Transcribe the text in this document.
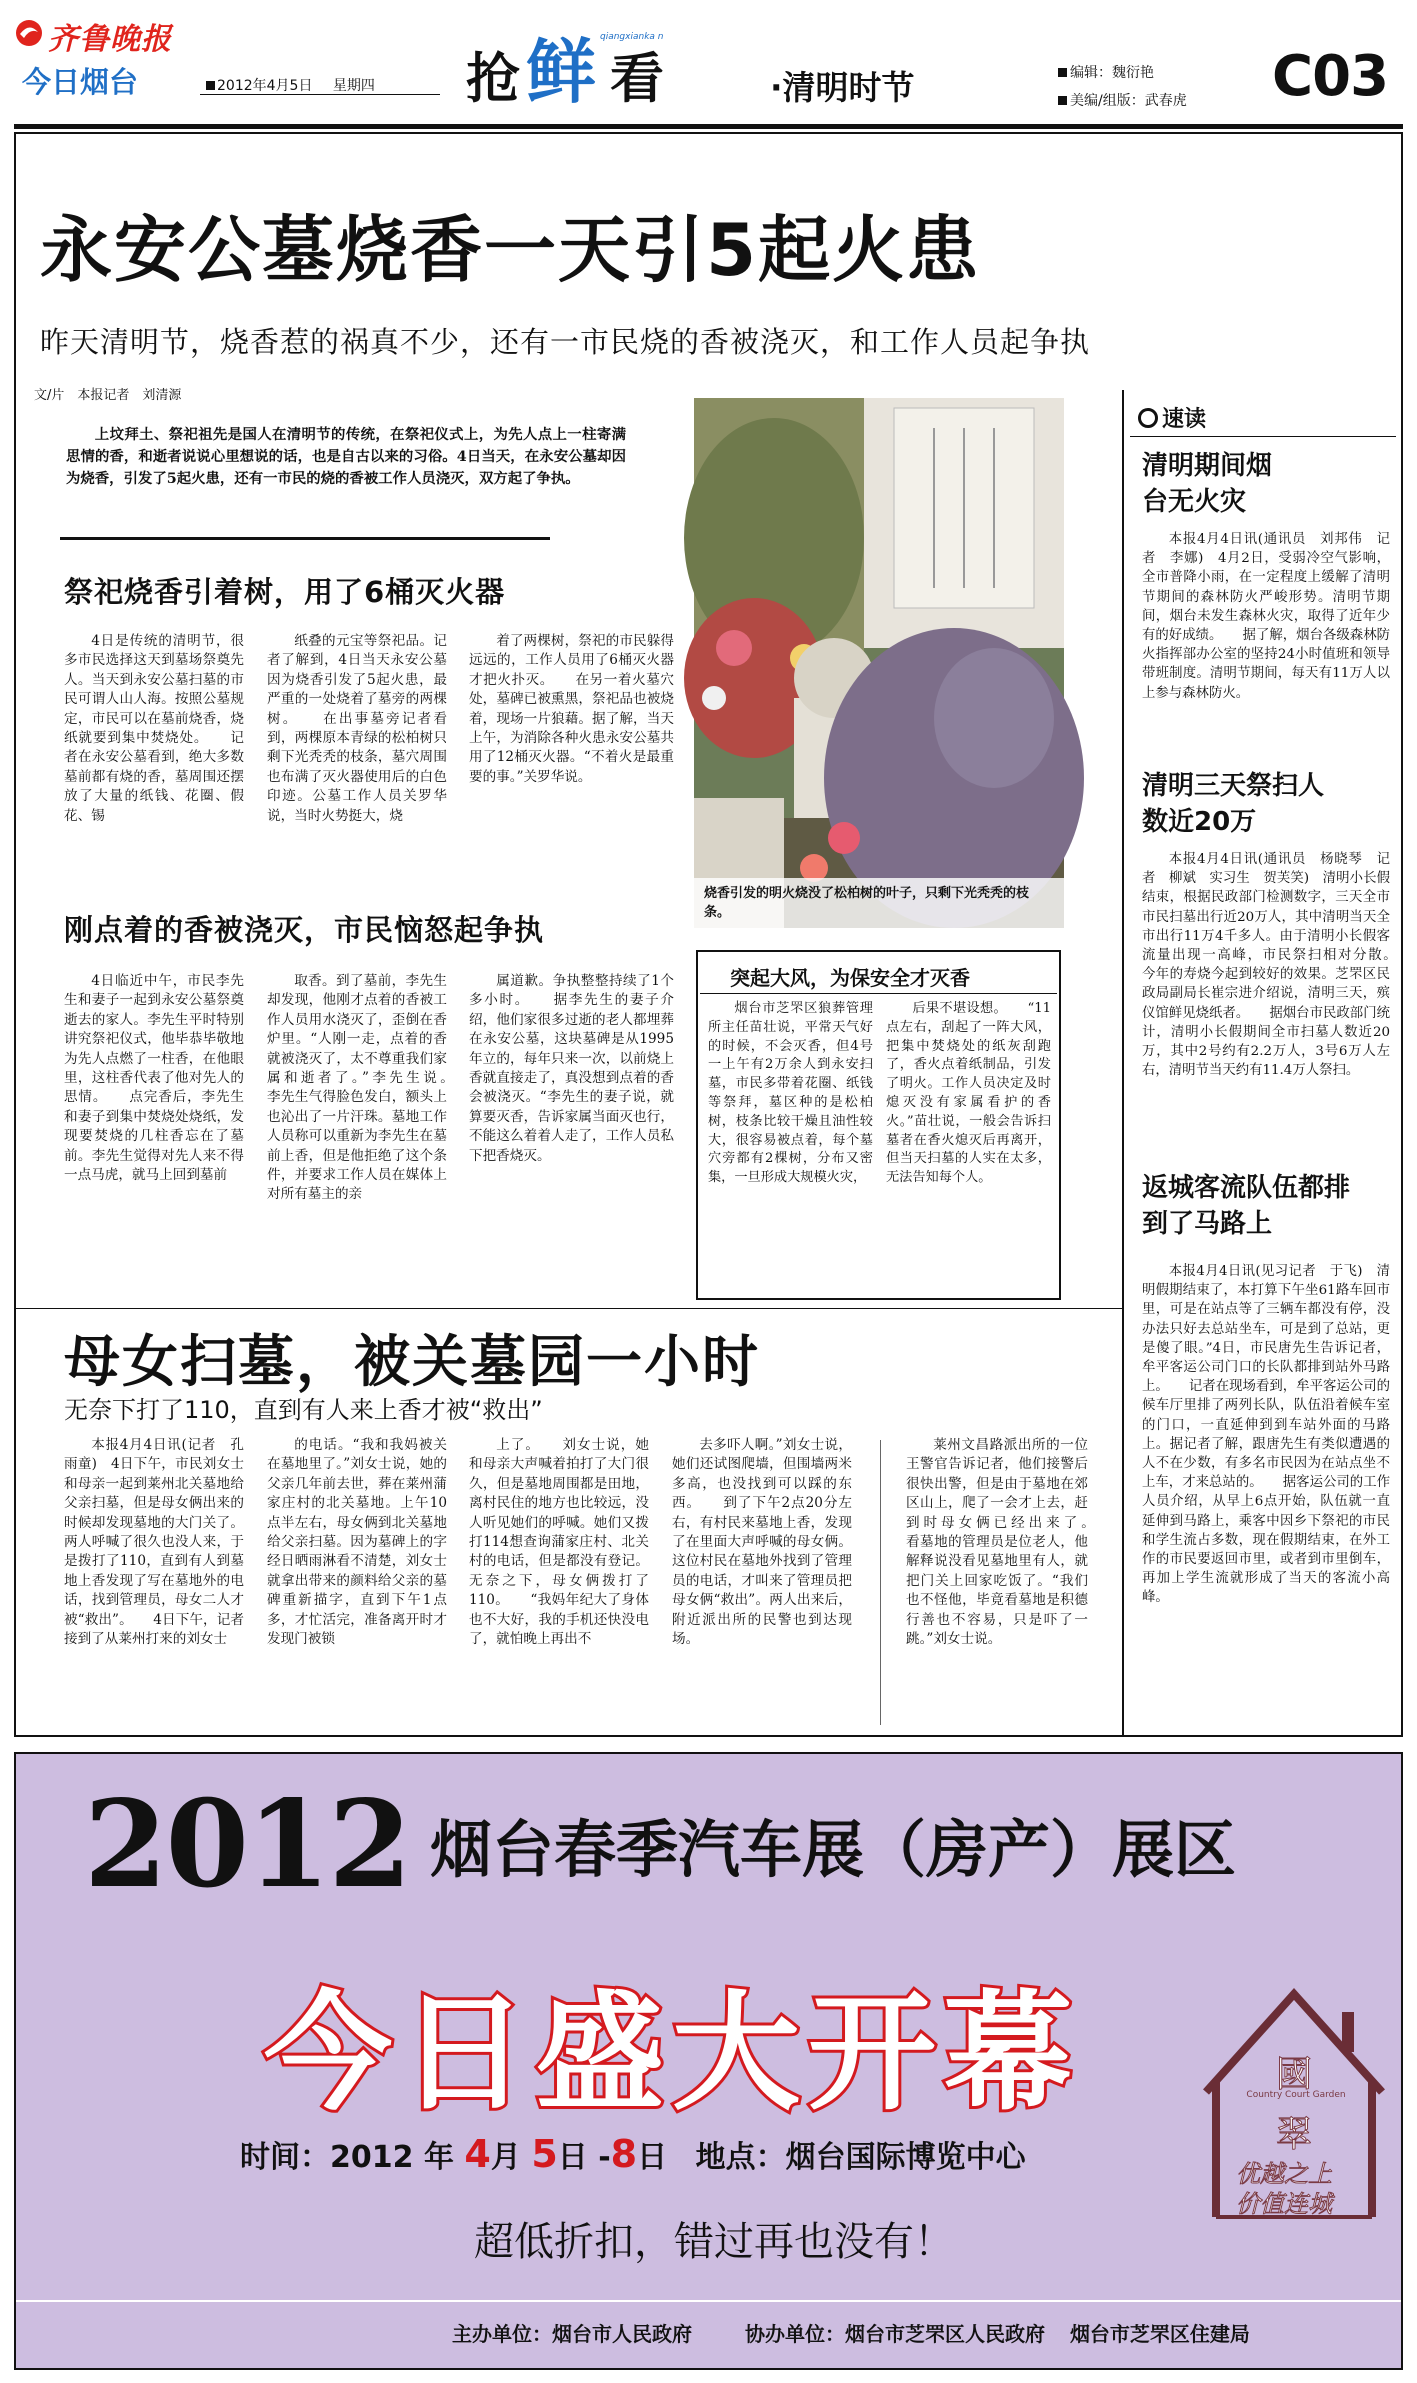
齐鲁晚报
今日烟台	2012年4月5日 星期四 抢 鲜 看
qiangxianka n
·清明时节	编辑：魏衍艳
美编/组版：武春虎 C03
永安公墓烧香一天引5起火患
昨天清明节，烧香惹的祸真不少，还有一市民烧的香被浇灭，和工作人员起争执
文/片　本报记者　刘清源
上坟拜土、祭祀祖先是国人在清明节的传统，在祭祀仪式上，为先人点上一柱寄满思情的香，和逝者说说心里想说的话，也是自古以来的习俗。4日当天，在永安公墓却因为烧香，引发了5起火患，还有一市民的烧的香被工作人员浇灭，双方起了争执。
烧香引发的明火烧没了松柏树的叶子，只剩下光秃秃的枝条。
祭祀烧香引着树，用了6桶灭火器
4日是传统的清明节，很多市民选择这天到墓场祭奠先人。当天到永安公墓扫墓的市民可谓人山人海。按照公墓规定，市民可以在墓前烧香，烧纸就要到集中焚烧处。　　记者在永安公墓看到，绝大多数墓前都有烧的香，墓周围还摆放了大量的纸钱、花圈、假花、锡
纸叠的元宝等祭祀品。记者了解到，4日当天永安公墓因为烧香引发了5起火患，最严重的一处烧着了墓旁的两棵树。　　在出事墓旁记者看到，两棵原本青绿的松柏树只剩下光秃秃的枝条，墓穴周围也布满了灭火器使用后的白色印迹。公墓工作人员关罗华说，当时火势挺大，烧
着了两棵树，祭祀的市民躲得远远的，工作人员用了6桶灭火器才把火扑灭。　　在另一着火墓穴处，墓碑已被熏黑，祭祀品也被烧着，现场一片狼藉。据了解，当天上午，为消除各种火患永安公墓共用了12桶灭火器。“不着火是最重要的事。”关罗华说。
刚点着的香被浇灭，市民恼怒起争执
4日临近中午，市民李先生和妻子一起到永安公墓祭奠逝去的家人。李先生平时特别讲究祭祀仪式，他毕恭毕敬地为先人点燃了一柱香，在他眼里，这柱香代表了他对先人的思情。　　点完香后，李先生和妻子到集中焚烧处烧纸，发现要焚烧的几柱香忘在了墓前。李先生觉得对先人来不得一点马虎，就马上回到墓前
取香。到了墓前，李先生却发现，他刚才点着的香被工作人员用水浇灭了，歪倒在香炉里。“人刚一走，点着的香就被浇灭了，太不尊重我们家属和逝者了。”李先生说。　　李先生气得脸色发白，额头上也沁出了一片汗珠。墓地工作人员称可以重新为李先生在墓前上香，但是他拒绝了这个条件，并要求工作人员在媒体上对所有墓主的亲
属道歉。争执整整持续了1个多小时。　　据李先生的妻子介绍，他们家很多过逝的老人都埋葬在永安公墓，这块墓碑是从1995年立的，每年只来一次，以前烧上香就直接走了，真没想到点着的香会被浇灭。“李先生的妻子说，就算要灭香，告诉家属当面灭也行，不能这么着着人走了，工作人员私下把香烧灭。
突起大风，为保安全才灭香
烟台市芝罘区狼葬管理所主任苗壮说，平常天气好的时候，不会灭香，但4号一上午有2万余人到永安扫墓，市民多带着花圈、纸钱等祭拜，墓区种的是松柏树，枝条比较干燥且油性较大，很容易被点着，每个墓穴旁都有2棵树，分布又密集，一旦形成大规模火灾，
后果不堪设想。　　“11点左右，刮起了一阵大风，把集中焚烧处的纸灰刮跑了，香火点着纸制品，引发了明火。工作人员决定及时熄灭没有家属看护的香火。”苗壮说，一般会告诉扫墓者在香火熄灭后再离开，但当天扫墓的人实在太多，无法告知每个人。
母女扫墓，被关墓园一小时
无奈下打了110，直到有人来上香才被“救出”
本报4月4日讯(记者　孔雨童)　4日下午，市民刘女士和母亲一起到莱州北关墓地给父亲扫墓，但是母女俩出来的时候却发现墓地的大门关了。两人呼喊了很久也没人来，于是拨打了110，直到有人到墓地上香发现了写在墓地外的电话，找到管理员，母女二人才被“救出”。　　4日下午，记者接到了从莱州打来的刘女士
的电话。“我和我妈被关在墓地里了。”刘女士说，她的父亲几年前去世，葬在莱州蒲家庄村的北关墓地。上午10点半左右，母女俩到北关墓地给父亲扫墓。因为墓碑上的字经日晒雨淋看不清楚，刘女士就拿出带来的颜料给父亲的墓碑重新描字，直到下午1点多，才忙活完，准备离开时才发现门被锁
上了。　　刘女士说，她和母亲大声喊着拍打了大门很久，但是墓地周围都是田地，离村民住的地方也比较远，没人听见她们的呼喊。她们又拨打114想查询蒲家庄村、北关村的电话，但是都没有登记。无奈之下，母女俩拨打了110。　　“我妈年纪大了身体也不大好，我的手机还快没电了，就怕晚上再出不
去多吓人啊。”刘女士说，她们还试图爬墙，但围墙两米多高，也没找到可以踩的东西。　　到了下午2点20分左右，有村民来墓地上香，发现了在里面大声呼喊的母女俩。这位村民在墓地外找到了管理员的电话，才叫来了管理员把母女俩“救出”。两人出来后，附近派出所的民警也到达现场。
莱州文昌路派出所的一位王警官告诉记者，他们接警后很快出警，但是由于墓地在郊区山上，爬了一会才上去，赶到时母女俩已经出来了。　　看墓地的管理员是位老人，他解释说没看见墓地里有人，就把门关上回家吃饭了。“我们也不怪他，毕竟看墓地是积德行善也不容易，只是吓了一跳。”刘女士说。
速读
清明期间烟台无火灾
本报4月4日讯(通讯员　刘邦伟　记者　李娜)　4月2日，受弱冷空气影响，全市普降小雨，在一定程度上缓解了清明节期间的森林防火严峻形势。清明节期间，烟台未发生森林火灾，取得了近年少有的好成绩。　　据了解，烟台各级森林防火指挥部办公室的坚持24小时值班和领导带班制度。清明节期间，每天有11万人以上参与森林防火。
清明三天祭扫人数近20万
本报4月4日讯(通讯员　杨晓琴　记者　柳斌　实习生　贺芙笑)　清明小长假结束，根据民政部门检测数字，三天全市市民扫墓出行近20万人，其中清明当天全市出行11万4千多人。由于清明小长假客流量出现一高峰，市民祭扫相对分散。　　今年的寿烧今起到较好的效果。芝罘区民政局副局长崔宗进介绍说，清明三天，殡仪馆鲜见烧纸者。　　据烟台市民政部门统计，清明小长假期间全市扫墓人数近20万，其中2号约有2.2万人，3号6万人左右，清明节当天约有11.4万人祭扫。
返城客流队伍都排到了马路上
本报4月4日讯(见习记者　于飞)　清明假期结束了，本打算下午坐61路车回市里，可是在站点等了三辆车都没有停，没办法只好去总站坐车，可是到了总站，更是傻了眼。”4日，市民唐先生告诉记者，牟平客运公司门口的长队都排到站外马路上。　　记者在现场看到，牟平客运公司的候车厅里排了两列长队，队伍沿着候车室的门口，一直延伸到到车站外面的马路上。据记者了解，跟唐先生有类似遭遇的人不在少数，有多名市民因为在站点坐不上车，才来总站的。　　据客运公司的工作人员介绍，从早上6点开始，队伍就一直延伸到马路上，乘客中因乡下祭祀的市民和学生流占多数，现在假期结束，在外工作的市民要返回市里，或者到市里倒车，再加上学生流就形成了当天的客流小高峰。
2012 烟台春季汽车展（房产）展区
今日盛大开幕
时间：2012 年 4月 5日 -8日 地点：烟台国际博览中心
超低折扣，错过再也没有！
國
Country Court Garden
翠
优越之上
价值连城
主办单位：烟台市人民政府	协办单位：烟台市芝罘区人民政府 烟台市芝罘区住建局
